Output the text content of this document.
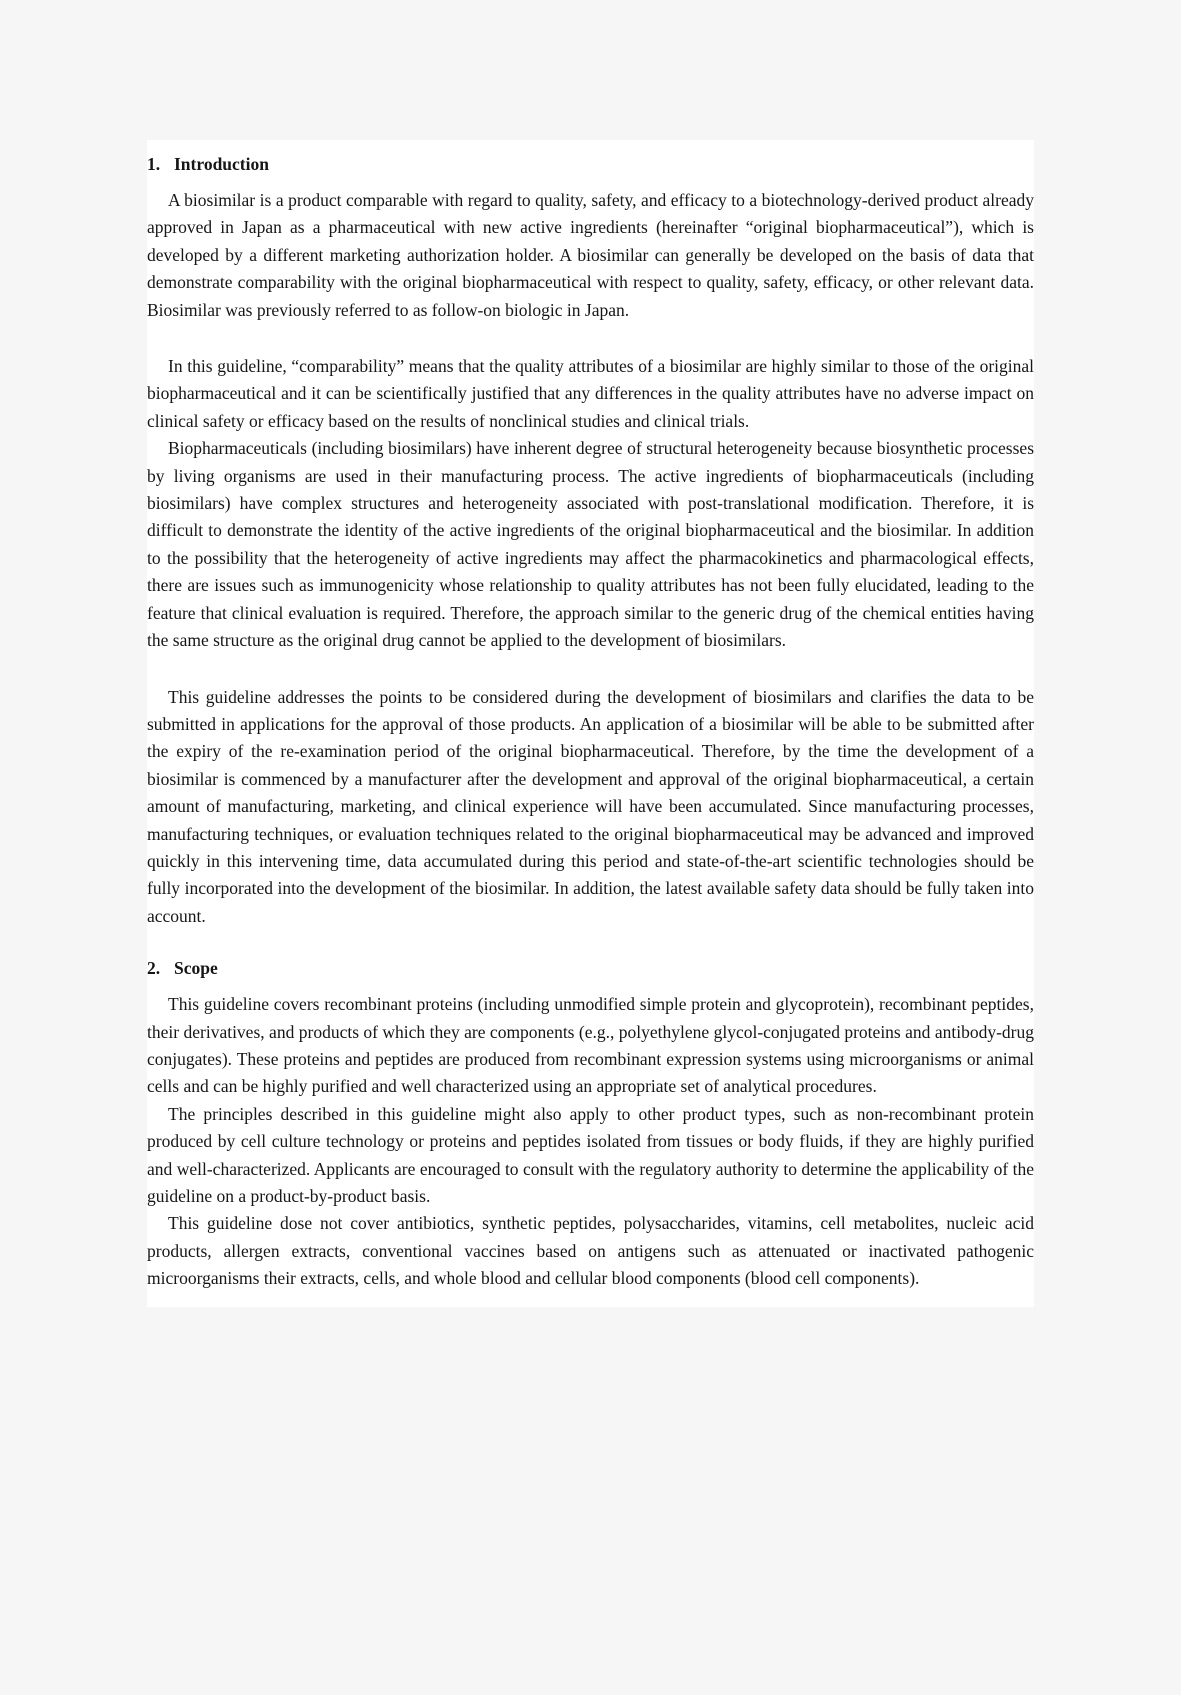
1. Introduction

A biosimilar is a product comparable with regard to quality, safety, and efficacy to a biotechnology-derived product already approved in Japan as a pharmaceutical with new active ingredients (hereinafter “original biopharmaceutical”), which is developed by a different marketing authorization holder. A biosimilar can generally be developed on the basis of data that demonstrate comparability with the original biopharmaceutical with respect to quality, safety, efficacy, or other relevant data. Biosimilar was previously referred to as follow-on biologic in Japan.

In this guideline, “comparability” means that the quality attributes of a biosimilar are highly similar to those of the original biopharmaceutical and it can be scientifically justified that any differences in the quality attributes have no adverse impact on clinical safety or efficacy based on the results of nonclinical studies and clinical trials.

Biopharmaceuticals (including biosimilars) have inherent degree of structural heterogeneity because biosynthetic processes by living organisms are used in their manufacturing process. The active ingredients of biopharmaceuticals (including biosimilars) have complex structures and heterogeneity associated with post-translational modification. Therefore, it is difficult to demonstrate the identity of the active ingredients of the original biopharmaceutical and the biosimilar. In addition to the possibility that the heterogeneity of active ingredients may affect the pharmacokinetics and pharmacological effects, there are issues such as immunogenicity whose relationship to quality attributes has not been fully elucidated, leading to the feature that clinical evaluation is required. Therefore, the approach similar to the generic drug of the chemical entities having the same structure as the original drug cannot be applied to the development of biosimilars.

This guideline addresses the points to be considered during the development of biosimilars and clarifies the data to be submitted in applications for the approval of those products. An application of a biosimilar will be able to be submitted after the expiry of the re-examination period of the original biopharmaceutical. Therefore, by the time the development of a biosimilar is commenced by a manufacturer after the development and approval of the original biopharmaceutical, a certain amount of manufacturing, marketing, and clinical experience will have been accumulated. Since manufacturing processes, manufacturing techniques, or evaluation techniques related to the original biopharmaceutical may be advanced and improved quickly in this intervening time, data accumulated during this period and state-of-the-art scientific technologies should be fully incorporated into the development of the biosimilar. In addition, the latest available safety data should be fully taken into account.

2. Scope

This guideline covers recombinant proteins (including unmodified simple protein and glycoprotein), recombinant peptides, their derivatives, and products of which they are components (e.g., polyethylene glycol-conjugated proteins and antibody-drug conjugates). These proteins and peptides are produced from recombinant expression systems using microorganisms or animal cells and can be highly purified and well characterized using an appropriate set of analytical procedures.

The principles described in this guideline might also apply to other product types, such as non-recombinant protein produced by cell culture technology or proteins and peptides isolated from tissues or body fluids, if they are highly purified and well-characterized. Applicants are encouraged to consult with the regulatory authority to determine the applicability of the guideline on a product-by-product basis.

This guideline dose not cover antibiotics, synthetic peptides, polysaccharides, vitamins, cell metabolites, nucleic acid products, allergen extracts, conventional vaccines based on antigens such as attenuated or inactivated pathogenic microorganisms their extracts, cells, and whole blood and cellular blood components (blood cell components).
